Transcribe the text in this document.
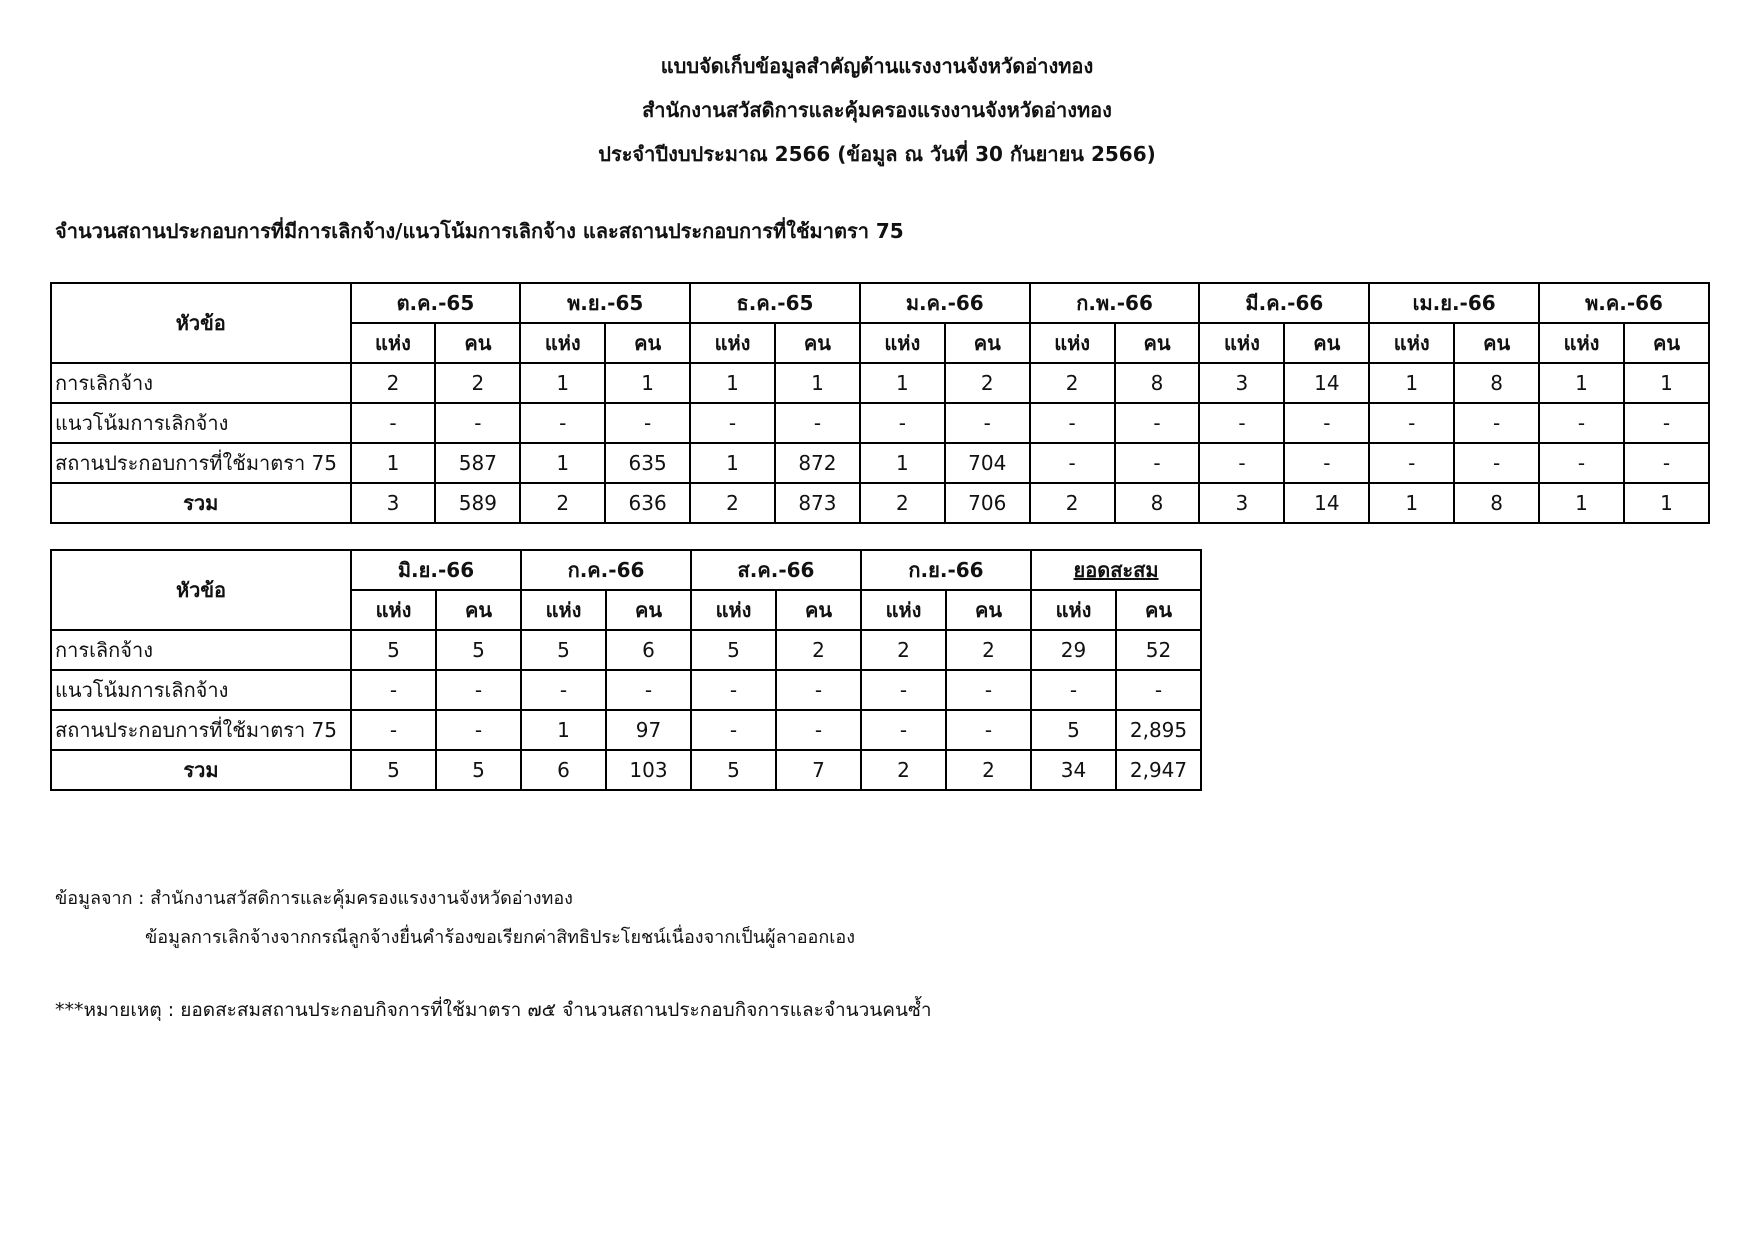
แบบจัดเก็บข้อมูลสำคัญด้านแรงงานจังหวัดอ่างทอง
สำนักงานสวัสดิการและคุ้มครองแรงงานจังหวัดอ่างทอง
ประจำปีงบประมาณ 2566 (ข้อมูล ณ วันที่ 30 กันยายน 2566)
จำนวนสถานประกอบการที่มีการเลิกจ้าง/แนวโน้มการเลิกจ้าง และสถานประกอบการที่ใช้มาตรา 75
หัวข้อ	ต.ค.-65		พ.ย.-65		ธ.ค.-65		ม.ค.-66		ก.พ.-66		มี.ค.-66		เม.ย.-66		พ.ค.-66	
	แห่ง	คน	แห่ง	คน	แห่ง	คน	แห่ง	คน	แห่ง	คน	แห่ง	คน	แห่ง	คน	แห่ง	คน
การเลิกจ้าง	2	2	1	1	1	1	1	2	2	8	3	14	1	8	1	1
แนวโน้มการเลิกจ้าง	-	-	-	-	-	-	-	-	-	-	-	-	-	-	-	-
สถานประกอบการที่ใช้มาตรา 75	1	587	1	635	1	872	1	704	-	-	-	-	-	-	-	-
รวม	3	589	2	636	2	873	2	706	2	8	3	14	1	8	1	1
หัวข้อ	มิ.ย.-66		ก.ค.-66		ส.ค.-66		ก.ย.-66		ยอดสะสม	
	แห่ง	คน	แห่ง	คน	แห่ง	คน	แห่ง	คน	แห่ง	คน
การเลิกจ้าง	5	5	5	6	5	2	2	2	29	52
แนวโน้มการเลิกจ้าง	-	-	-	-	-	-	-	-	-	-
สถานประกอบการที่ใช้มาตรา 75	-	-	1	97	-	-	-	-	5	2,895
รวม	5	5	6	103	5	7	2	2	34	2,947
ข้อมูลจาก : สำนักงานสวัสดิการและคุ้มครองแรงงานจังหวัดอ่างทอง
ข้อมูลการเลิกจ้างจากกรณีลูกจ้างยื่นคำร้องขอเรียกค่าสิทธิประโยชน์เนื่องจากเป็นผู้ลาออกเอง
***หมายเหตุ : ยอดสะสมสถานประกอบกิจการที่ใช้มาตรา ๗๕ จำนวนสถานประกอบกิจการและจำนวนคนซ้ำ
